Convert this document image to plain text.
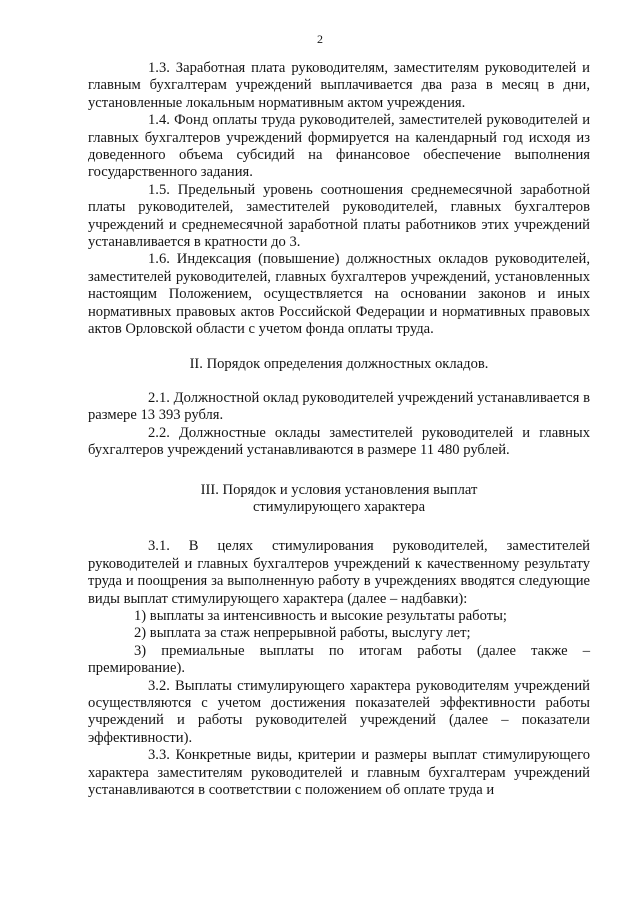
2

1.3. Заработная плата руководителям, заместителям руководителей и главным бухгалтерам учреждений выплачивается два раза в месяц в дни, установленные локальным нормативным актом учреждения.

1.4. Фонд оплаты труда руководителей, заместителей руководителей и главных бухгалтеров учреждений формируется на календарный год исходя из доведенного объема субсидий на финансовое обеспечение выполнения государственного задания.

1.5. Предельный уровень соотношения среднемесячной заработной платы руководителей, заместителей руководителей, главных бухгалтеров учреждений и среднемесячной заработной платы работников этих учреждений устанавливается в кратности до 3.

1.6. Индексация (повышение) должностных окладов руководителей, заместителей руководителей, главных бухгалтеров учреждений, установленных настоящим Положением, осуществляется на основании законов и иных нормативных правовых актов Российской Федерации и нормативных правовых актов Орловской области с учетом фонда оплаты труда.

II. Порядок определения должностных окладов.

2.1. Должностной оклад руководителей учреждений устанавливается в размере 13 393 рубля.

2.2. Должностные оклады заместителей руководителей и главных бухгалтеров учреждений устанавливаются в размере 11 480 рублей.

III. Порядок и условия установления выплат

стимулирующего характера

3.1. В целях стимулирования руководителей, заместителей руководителей и главных бухгалтеров учреждений к качественному результату труда и поощрения за выполненную работу в учреждениях вводятся следующие виды выплат стимулирующего характера (далее – надбавки):

1) выплаты за интенсивность и высокие результаты работы;

2) выплата за стаж непрерывной работы, выслугу лет;

3) премиальные выплаты по итогам работы (далее также – премирование).

3.2. Выплаты стимулирующего характера руководителям учреждений осуществляются с учетом достижения показателей эффективности работы учреждений и работы руководителей учреждений (далее – показатели эффективности).

3.3. Конкретные виды, критерии и размеры выплат стимулирующего характера заместителям руководителей и главным бухгалтерам учреждений устанавливаются в соответствии с положением об оплате труда и
